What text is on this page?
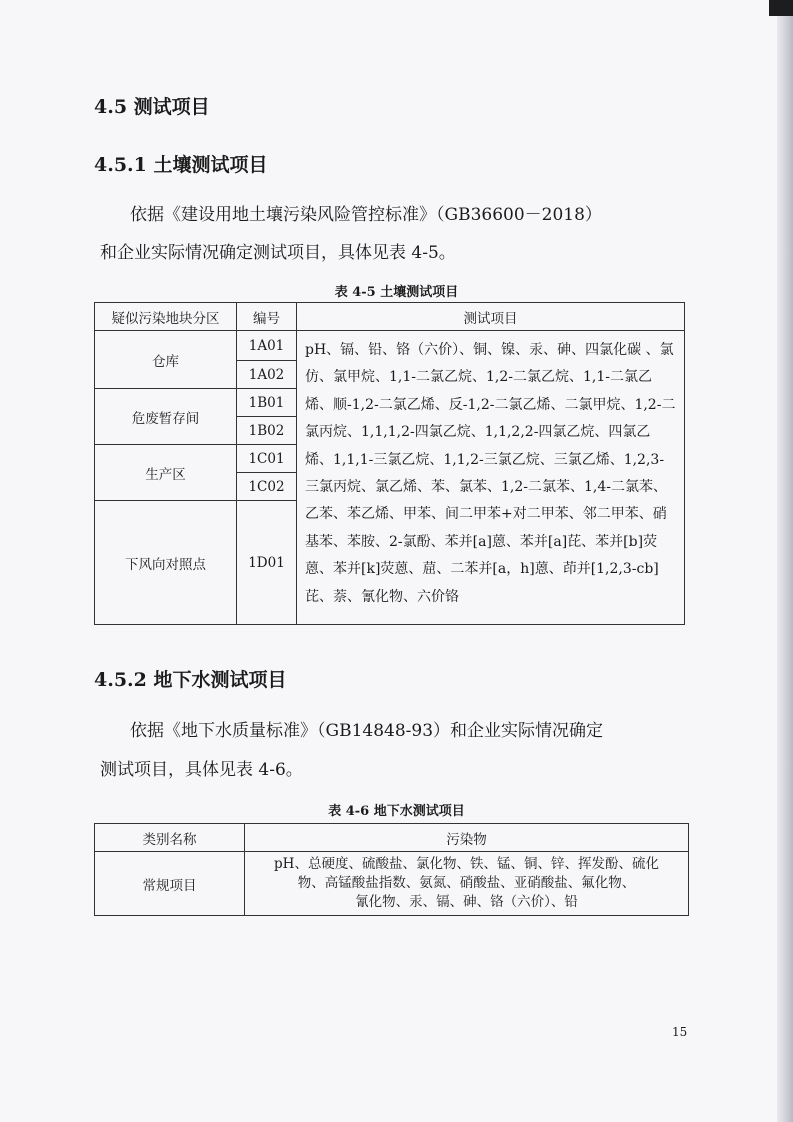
4.5 测试项目
4.5.1 土壤测试项目
依据《建设用地土壤污染风险管控标准》（GB36600－2018）
和企业实际情况确定测试项目，具体见表 4-5。
表 4-5 土壤测试项目
疑似污染地块分区	编号	测试项目
仓库	1A01	pH、镉、铅、铬（六价）、铜、镍、汞、砷、四氯化碳 、氯仿、氯甲烷、1,1-二氯乙烷、1,2-二氯乙烷、1,1-二氯乙烯、顺-1,2-二氯乙烯、反-1,2-二氯乙烯、二氯甲烷、1,2-二氯丙烷、1,1,1,2-四氯乙烷、1,1,2,2-四氯乙烷、四氯乙烯、1,1,1-三氯乙烷、1,1,2-三氯乙烷、三氯乙烯、1,2,3-三氯丙烷、氯乙烯、苯、氯苯、1,2-二氯苯、1,4-二氯苯、乙苯、苯乙烯、甲苯、间二甲苯+对二甲苯、邻二甲苯、硝基苯、苯胺、2-氯酚、苯并[a]蒽、苯并[a]芘、苯并[b]荧蒽、苯并[k]荧蒽、䓛、二苯并[a，h]蒽、茚并[1,2,3-cb]芘、萘、氰化物、六价铬
	1A02	
危废暂存间	1B01	
	1B02	
生产区	1C01	
	1C02	
下风向对照点	1D01	
4.5.2 地下水测试项目
依据《地下水质量标准》（GB14848-93）和企业实际情况确定
测试项目，具体见表 4-6。
表 4-6 地下水测试项目
类别名称	污染物
常规项目	pH、总硬度、硫酸盐、氯化物、铁、锰、铜、锌、挥发酚、硫化
物、高锰酸盐指数、氨氮、硝酸盐、亚硝酸盐、氟化物、
氰化物、汞、镉、砷、铬（六价）、铅
15
